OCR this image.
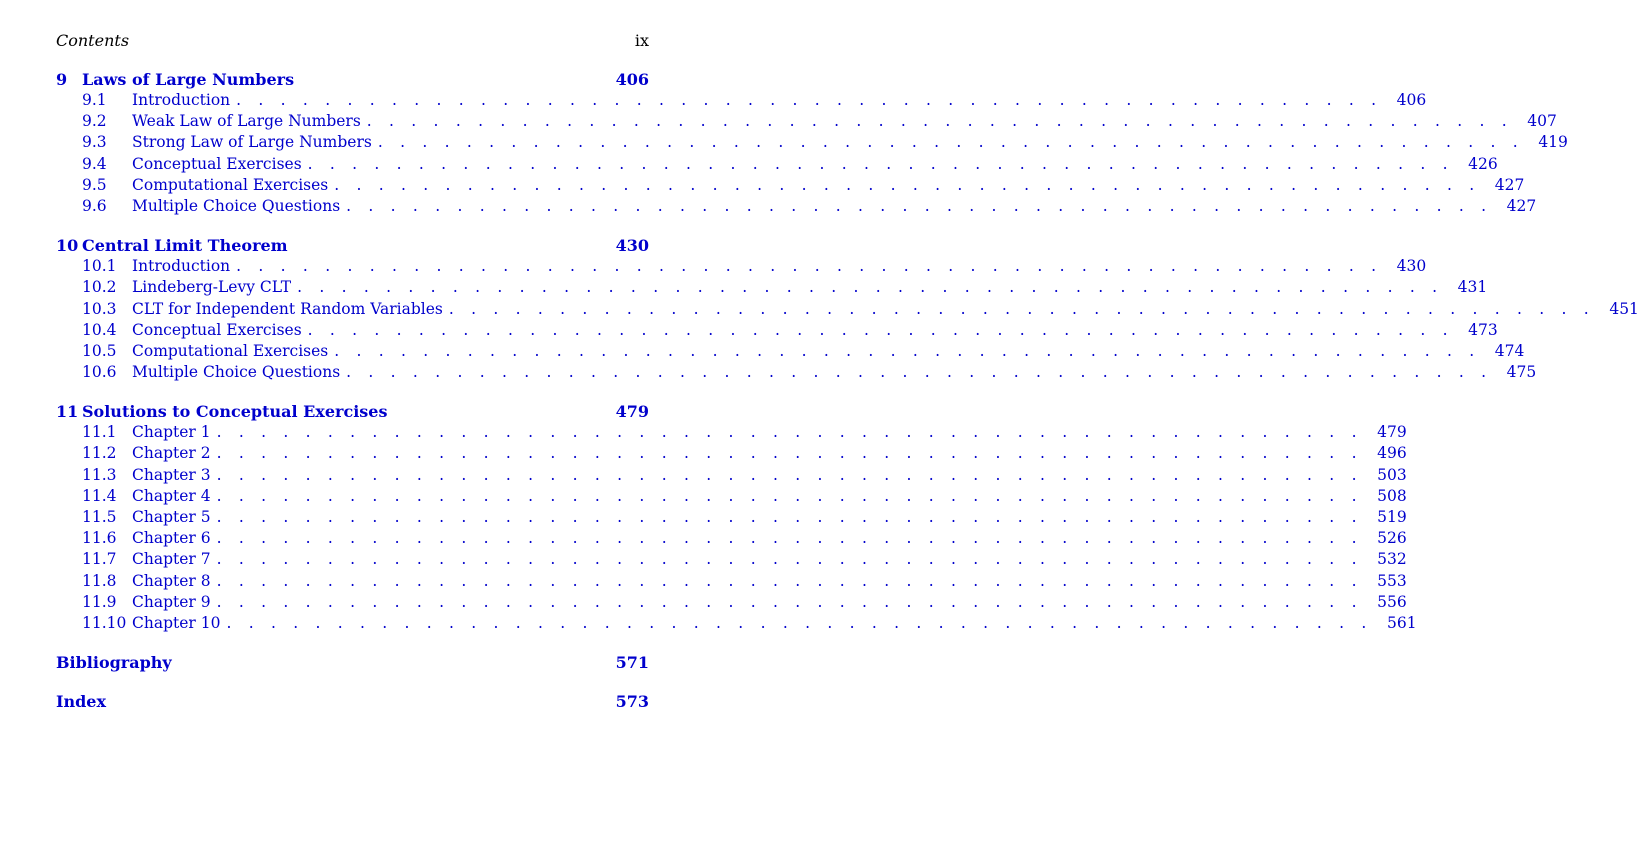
Contents	ix
9 Laws of Large Numbers	406
9.1	Introduction . . . . . . . . . . . . . . . . . . . . . . . . . . . . . . . . . . . . . . . . . . . . . . . . . . . . 406
9.2	Weak Law of Large Numbers . . . . . . . . . . . . . . . . . . . . . . . . . . . . . . . . . . . . . . . . . . . . . . . . . . . . 407
9.3	Strong Law of Large Numbers . . . . . . . . . . . . . . . . . . . . . . . . . . . . . . . . . . . . . . . . . . . . . . . . . . . . 419
9.4	Conceptual Exercises . . . . . . . . . . . . . . . . . . . . . . . . . . . . . . . . . . . . . . . . . . . . . . . . . . . . 426
9.5	Computational Exercises . . . . . . . . . . . . . . . . . . . . . . . . . . . . . . . . . . . . . . . . . . . . . . . . . . . . 427
9.6	Multiple Choice Questions . . . . . . . . . . . . . . . . . . . . . . . . . . . . . . . . . . . . . . . . . . . . . . . . . . . . 427
10 Central Limit Theorem	430
10.1 Introduction . . . . . . . . . . . . . . . . . . . . . . . . . . . . . . . . . . . . . . . . . . . . . . . . . . . . 430
10.2 Lindeberg-Levy CLT . . . . . . . . . . . . . . . . . . . . . . . . . . . . . . . . . . . . . . . . . . . . . . . . . . . . 431
10.3 CLT for Independent Random Variables . . . . . . . . . . . . . . . . . . . . . . . . . . . . . . . . . . . . . . . . . . . . . . . . . . . . 451
10.4 Conceptual Exercises . . . . . . . . . . . . . . . . . . . . . . . . . . . . . . . . . . . . . . . . . . . . . . . . . . . . 473
10.5 Computational Exercises . . . . . . . . . . . . . . . . . . . . . . . . . . . . . . . . . . . . . . . . . . . . . . . . . . . . 474
10.6 Multiple Choice Questions . . . . . . . . . . . . . . . . . . . . . . . . . . . . . . . . . . . . . . . . . . . . . . . . . . . . 475
11 Solutions to Conceptual Exercises	479
11.1 Chapter 1 . . . . . . . . . . . . . . . . . . . . . . . . . . . . . . . . . . . . . . . . . . . . . . . . . . . . 479
11.2 Chapter 2 . . . . . . . . . . . . . . . . . . . . . . . . . . . . . . . . . . . . . . . . . . . . . . . . . . . . 496
11.3 Chapter 3 . . . . . . . . . . . . . . . . . . . . . . . . . . . . . . . . . . . . . . . . . . . . . . . . . . . . 503
11.4 Chapter 4 . . . . . . . . . . . . . . . . . . . . . . . . . . . . . . . . . . . . . . . . . . . . . . . . . . . . 508
11.5 Chapter 5 . . . . . . . . . . . . . . . . . . . . . . . . . . . . . . . . . . . . . . . . . . . . . . . . . . . . 519
11.6 Chapter 6 . . . . . . . . . . . . . . . . . . . . . . . . . . . . . . . . . . . . . . . . . . . . . . . . . . . . 526
11.7 Chapter 7 . . . . . . . . . . . . . . . . . . . . . . . . . . . . . . . . . . . . . . . . . . . . . . . . . . . . 532
11.8 Chapter 8 . . . . . . . . . . . . . . . . . . . . . . . . . . . . . . . . . . . . . . . . . . . . . . . . . . . . 553
11.9 Chapter 9 . . . . . . . . . . . . . . . . . . . . . . . . . . . . . . . . . . . . . . . . . . . . . . . . . . . . 556
11.10 Chapter 10 . . . . . . . . . . . . . . . . . . . . . . . . . . . . . . . . . . . . . . . . . . . . . . . . . . . . 561
Bibliography	571
Index	573
